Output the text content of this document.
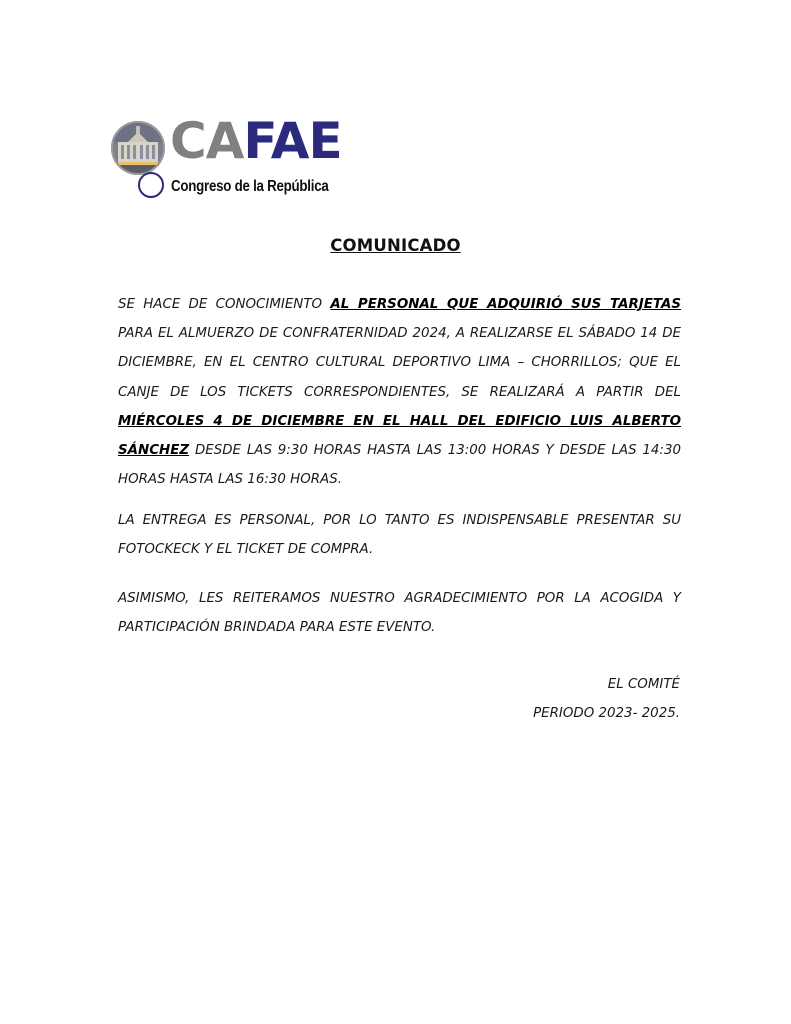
CAFAE
Congreso de la República
COMUNICADO
SE HACE DE CONOCIMIENTO AL PERSONAL QUE ADQUIRIÓ SUS TARJETAS PARA EL ALMUERZO DE CONFRATERNIDAD 2024, A REALIZARSE EL SÁBADO 14 DE DICIEMBRE, EN EL CENTRO CULTURAL DEPORTIVO LIMA – CHORRILLOS; QUE EL CANJE DE LOS TICKETS CORRESPONDIENTES, SE REALIZARÁ A PARTIR DEL MIÉRCOLES 4 DE DICIEMBRE EN EL HALL DEL EDIFICIO LUIS ALBERTO SÁNCHEZ DESDE LAS 9:30 HORAS HASTA LAS 13:00 HORAS Y DESDE LAS 14:30 HORAS HASTA LAS 16:30 HORAS.
LA ENTREGA ES PERSONAL, POR LO TANTO ES INDISPENSABLE PRESENTAR SU FOTOCKECK Y EL TICKET DE COMPRA.
ASIMISMO, LES REITERAMOS NUESTRO AGRADECIMIENTO POR LA ACOGIDA Y PARTICIPACIÓN BRINDADA PARA ESTE EVENTO.
EL COMITÉ
PERIODO 2023- 2025.
